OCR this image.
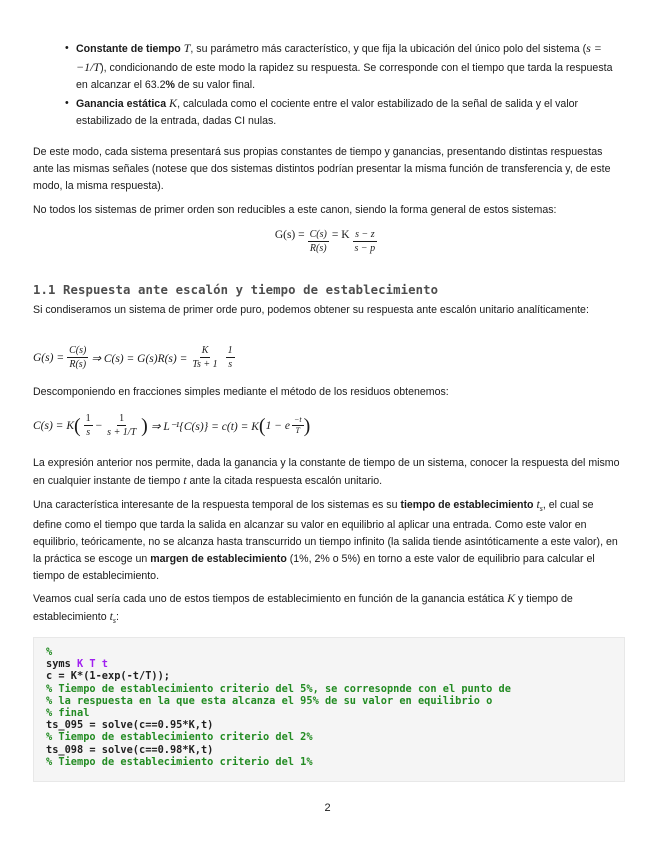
• Constante de tiempo T, su parámetro más característico, y que fija la ubicación del único polo del sistema (s = −1/T), condicionando de este modo la rapidez su respuesta. Se corresponde con el tiempo que tarda la respuesta en alcanzar el 63.2% de su valor final.
• Ganancia estática K, calculada como el cociente entre el valor estabilizado de la señal de salida y el valor estabilizado de la entrada, dadas CI nulas.

De este modo, cada sistema presentará sus propias constantes de tiempo y ganancias, presentando distintas respuestas ante las mismas señales (notese que dos sistemas distintos podrían presentar la misma función de transferencia y, de este modo, la misma respuesta).

No todos los sistemas de primer orden son reducibles a este canon, siendo la forma general de estos sistemas:

$G(s) = \frac{C(s)}{R(s)} = K \frac{s - z}{s - p}$
1.1 Respuesta ante escalón y tiempo de establecimiento

Si condiseramos un sistema de primer orde puro, podemos obtener su respuesta ante escalón unitario analíticamente:

$G(s) = \frac{C(s)}{R(s)}$ ⇒ $C(s) = G(s)R(s) = \frac{K}{Ts + 1} \frac{1}{s}$

Descomponiendo en fracciones simples mediante el método de los residuos obtenemos:

C(s) = K ( $\frac{1}{s} - \frac{1}{s + 1/T}$ ) ⇒ L⁻¹{C(s)} = c(t) = K ( 1 − e $\frac{-t}{T}$ )

La expresión anterior nos permite, dada la ganancia y la constante de tiempo de un sistema, conocer la respuesta del mismo en cualquier instante de tiempo t ante la citada respuesta escalón unitario.

Una característica interesante de la respuesta temporal de los sistemas es su tiempo de establecimiento $t_s$, el cual se define como el tiempo que tarda la salida en alcanzar su valor en equilibrio al aplicar una entrada. Como este valor en equilibrio, teóricamente, no se alcanza hasta transcurrido un tiempo infinito (la salida tiende asintóticamente a este valor), en la práctica se escoge un margen de establecimiento (1%, 2% o 5%) en torno a este valor de equilibrio para calcular el tiempo de establecimiento.

Veamos cual sería cada uno de estos tiempos de establecimiento en función de la ganancia estática K y tiempo de establecimiento $t_s$:

%
syms K T t
c = K*(1-exp(-t/T));
% Tiempo de establecimiento criterio del 5%, se corresopnde con el punto de
% la respuesta en la que esta alcanza el 95% de su valor en equilibrio o
% final
ts_095 = solve(c==0.95*K,t)
% Tiempo de establecimiento criterio del 2%
ts_098 = solve(c==0.98*K,t)
% Tiempo de establecimiento criterio del 1%
2
